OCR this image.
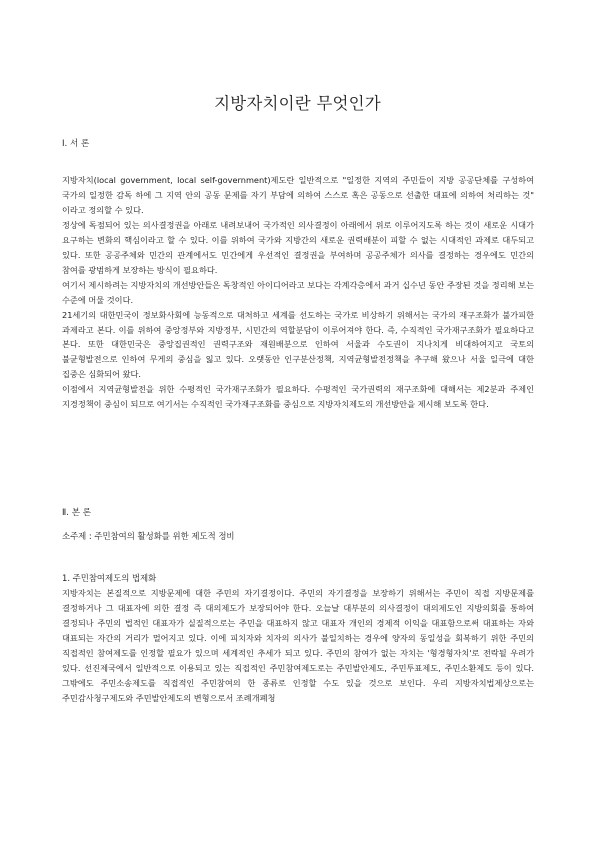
지방자치이란 무엇인가
Ⅰ. 서 론

지방자치(local government, local self-government)제도란 일반적으로 "일정한 지역의 주민들이 지방 공공단체를 구성하여 국가의 일정한 감독 하에 그 지역 안의 공동 문제를 자기 부담에 의하여 스스로 혹은 공동으로 선출한 대표에 의하여 처리하는 것" 이라고 정의할 수 있다.

정상에 독점되어 있는 의사결정권을 아래로 내려보내어 국가적인 의사결정이 아래에서 위로 이루어지도록 하는 것이 새로운 시대가 요구하는 변화의 핵심이라고 할 수 있다. 이를 위하여 국가와 지방간의 새로운 권력배분이 피할 수 없는 시대적인 과제로 대두되고 있다. 또한 공공주체와 민간의 관계에서도 민간에게 우선적인 결정권을 부여하며 공공주체가 의사를 결정하는 경우에도 민간의 참여를 광범하게 보장하는 방식이 필요하다.

여기서 제시하려는 지방자치의 개선방안들은 독창적인 아이디어라고 보다는 각계각층에서 과거 십수년 동안 주장된 것을 정리해 보는 수준에 머물 것이다.

21세기의 대한민국이 정보화사회에 능동적으로 대처하고 세계를 선도하는 국가로 비상하기 위해서는 국가의 재구조화가 불가피한 과제라고 본다. 이를 위하여 중앙정부와 지방정부, 시민간의 역할분담이 이루어져야 한다. 즉, 수직적인 국가재구조화가 필요하다고 본다. 또한 대한민국은 중앙집권적인 권력구조와 재원배분으로 인하여 서울과 수도권이 지나치게 비대하여지고 국토의 불균형발전으로 인하여 무게의 중심을 잃고 있다. 오랫동안 인구분산정책, 지역균형발전정책을 추구해 왔으나 서울 일극에 대한 집중은 심화되어 왔다.

이점에서 지역균형발전을 위한 수평적인 국가재구조화가 필요하다. 수평적인 국가권력의 재구조화에 대해서는 제2분과 주제인 지경정책이 중심이 되므로 여기서는 수직적인 국가재구조화를 중심으로 지방자치제도의 개선방안을 제시해 보도록 한다.

Ⅱ. 본 론
소주제 : 주민참여의 활성화를 위한 제도적 정비
1. 주민참여제도의 법제화

지방자치는 본질적으로 지방문제에 대한 주민의 자기결정이다. 주민의 자기결정을 보장하기 위해서는 주민이 직접 지방문제를 결정하거나 그 대표자에 의한 결정 즉 대의제도가 보장되어야 한다. 오늘날 대부분의 의사결정이 대의제도인 지방의회를 통하여 결정되나 주민의 법적인 대표자가 실질적으로는 주민을 대표하지 않고 대표자 개인의 경제적 이익을 대표함으로써 대표하는 자와 대표되는 자간의 거리가 멀어지고 있다. 이에 피치자와 치자의 의사가 불일치하는 경우에 양자의 동일성을 회복하기 위한 주민의 직접적인 참여제도를 인정할 필요가 있으며 세계적인 추세가 되고 있다. 주민의 참여가 없는 자치는 '형경형자치'로 전락될 우려가 있다. 선진제국에서 일반적으로 이용되고 있는 직접적인 주민참여제도로는 주민발안제도, 주민투표제도, 주민소환제도 등이 있다. 그밖에도 주민소송제도를 직접적인 주민참여의 한 종류로 인정할 수도 있을 것으로 보인다. 우리 지방자치법제상으로는 주민감사청구제도와 주민발안제도의 변형으로서 조례개폐청
